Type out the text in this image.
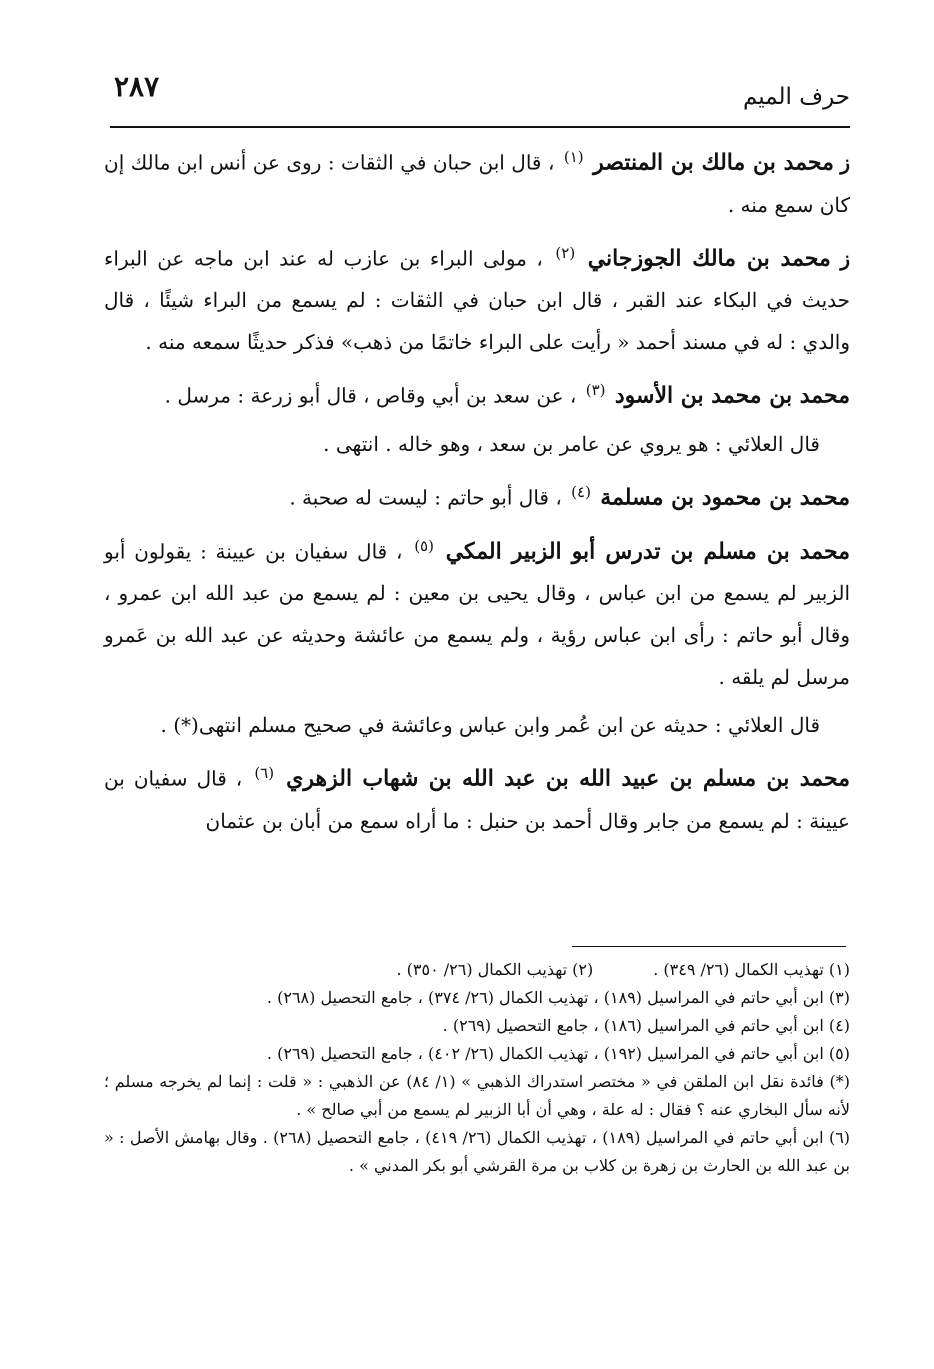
حرف الميم
٢٨٧

ز محمد بن مالك بن المنتصر $^{(١)}$ ، قال ابن حبان في الثقات : روى عن أنس ابن مالك إن كان سمع منه .

ز محمد بن مالك الجوزجاني $^{(٢)}$ ، مولى البراء بن عازب له عند ابن ماجه عن البراء حديث في البكاء عند القبر ، قال ابن حبان في الثقات : لم يسمع من البراء شيئًا ، قال والدي : له في مسند أحمد « رأيت على البراء خاتمًا من ذهب» فذكر حديثًا سمعه منه .

محمد بن محمد بن الأسود $^{(٣)}$ ، عن سعد بن أبي وقاص ، قال أبو زرعة : مرسل .

قال العلائي : هو يروي عن عامر بن سعد ، وهو خاله . انتهى .

محمد بن محمود بن مسلمة $^{(٤)}$ ، قال أبو حاتم : ليست له صحبة .

محمد بن مسلم بن تدرس أبو الزبير المكي $^{(٥)}$ ، قال سفيان بن عيينة : يقولون أبو الزبير لم يسمع من ابن عباس ، وقال يحيى بن معين : لم يسمع من عبد الله ابن عمرو ، وقال أبو حاتم : رأى ابن عباس رؤية ، ولم يسمع من عائشة وحديثه عن عبد الله بن عَمرو مرسل لم يلقه .

قال العلائي : حديثه عن ابن عُمر وابن عباس وعائشة في صحيح مسلم انتهى(*) .

محمد بن مسلم بن عبيد الله بن عبد الله بن شهاب الزهري $^{(٦)}$ ، قال سفيان بن عيينة : لم يسمع من جابر وقال أحمد بن حنبل : ما أراه سمع من أبان بن عثمان

(١) تهذيب الكمال (٢٦/ ٣٤٩) .

(٢) تهذيب الكمال (٢٦/ ٣٥٠) .

(٣) ابن أبي حاتم في المراسيل (١٨٩) ، تهذيب الكمال (٢٦/ ٣٧٤) ، جامع التحصيل (٢٦٨) .

(٤) ابن أبي حاتم في المراسيل (١٨٦) ، جامع التحصيل (٢٦٩) .

(٥) ابن أبي حاتم في المراسيل (١٩٢) ، تهذيب الكمال (٢٦/ ٤٠٢) ، جامع التحصيل (٢٦٩) .

(*) فائدة نقل ابن الملقن في « مختصر استدراك الذهبي » (١/ ٨٤) عن الذهبي : « قلت : إنما لم يخرجه مسلم ؛ لأنه سأل البخاري عنه ؟ فقال : له علة ، وهي أن أبا الزبير لم يسمع من أبي صالح » .

(٦) ابن أبي حاتم في المراسيل (١٨٩) ، تهذيب الكمال (٢٦/ ٤١٩) ، جامع التحصيل (٢٦٨) . وقال بهامش الأصل : « بن عبد الله بن الحارث بن زهرة بن كلاب بن مرة القرشي أبو بكر المدني » .
